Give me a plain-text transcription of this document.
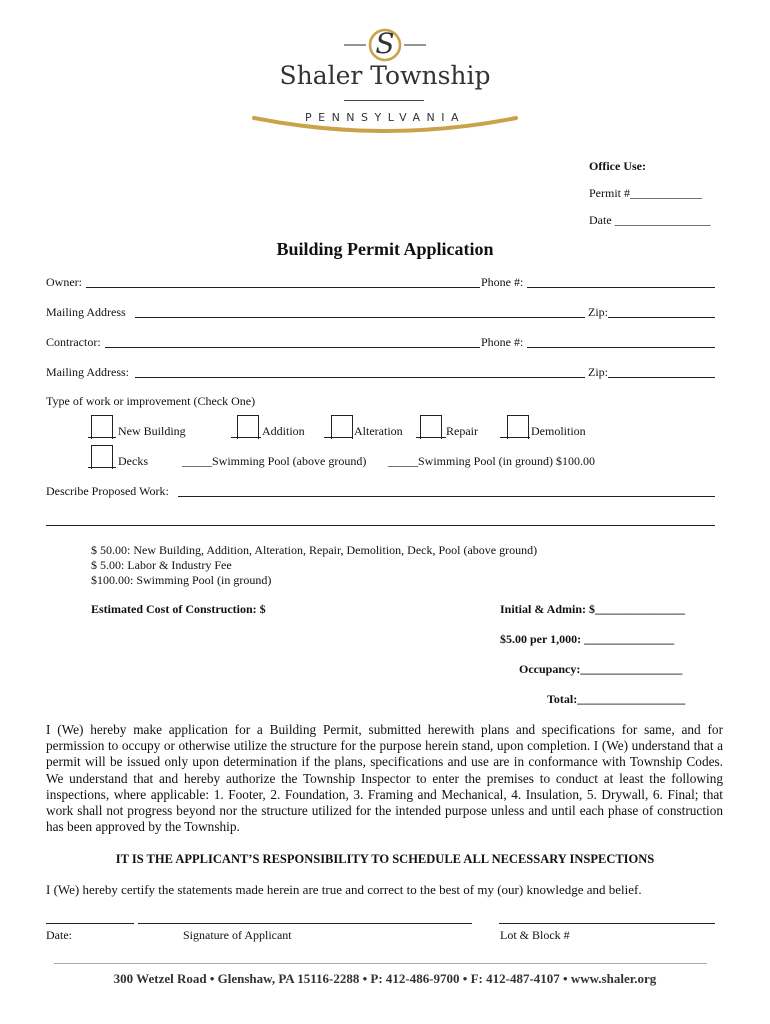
S
Shaler Township
PENNSYLVANIA
Office Use:
Permit #____________
Date ________________
Building Permit Application
Owner:	Phone #:
Mailing Address	Zip:
Contractor:	Phone #:
Mailing Address:	Zip:
Type of work or improvement (Check One)
New Building	Addition	Alteration	Repair	Demolition
Decks	_____Swimming Pool (above ground) _____Swimming Pool (in ground) $100.00
Describe Proposed Work:
$ 50.00: New Building, Addition, Alteration, Repair, Demolition, Deck, Pool (above ground)
$ 5.00: Labor & Industry Fee
$100.00: Swimming Pool (in ground)
Estimated Cost of Construction: $	Initial & Admin: $_______________
$5.00 per 1,000: _______________
Occupancy:_________________
Total:__________________
I (We) hereby make application for a Building Permit, submitted herewith plans and specifications for same, and for permission to occupy or otherwise utilize the structure for the purpose herein stand, upon completion. I (We) understand that a permit will be issued only upon determination if the plans, specifications and use are in conformance with Township Codes. We understand that and hereby authorize the Township Inspector to enter the premises to conduct at least the following inspections, where applicable: 1. Footer, 2. Foundation, 3. Framing and Mechanical, 4. Insulation, 5. Drywall, 6. Final; that work shall not progress beyond nor the structure utilized for the intended purpose unless and until each phase of construction has been approved by the Township.
IT IS THE APPLICANT’S RESPONSIBILITY TO SCHEDULE ALL NECESSARY INSPECTIONS
I (We) hereby certify the statements made herein are true and correct to the best of my (our) knowledge and belief.
Date:	Signature of Applicant	Lot & Block #
300 Wetzel Road • Glenshaw, PA 15116-2288 • P: 412-486-9700 • F: 412-487-4107 • www.shaler.org
